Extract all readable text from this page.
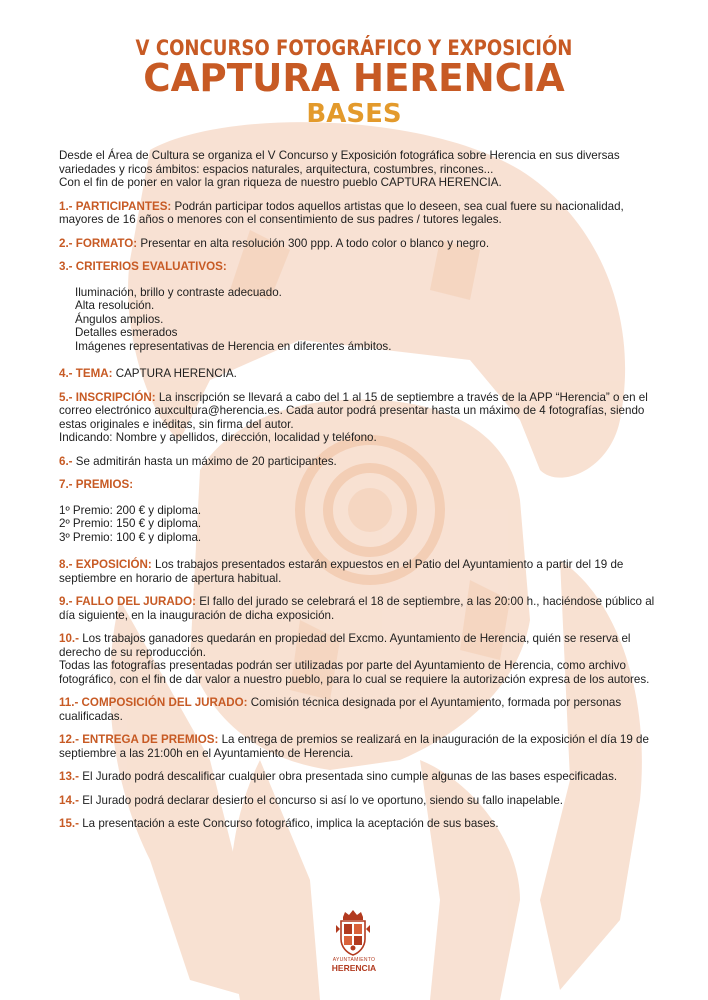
V CONCURSO FOTOGRÁFICO Y EXPOSICIÓN
CAPTURA HERENCIA
BASES

Desde el Área de Cultura se organiza el V Concurso y Exposición fotográfica sobre Herencia en sus diversas variedades y ricos ámbitos: espacios naturales, arquitectura, costumbres, rincones...
Con el fin de poner en valor la gran riqueza de nuestro pueblo CAPTURA HERENCIA.

1.- PARTICIPANTES: Podrán participar todos aquellos artistas que lo deseen, sea cual fuere su nacionalidad, mayores de 16 años o menores con el consentimiento de sus padres / tutores legales.

2.- FORMATO: Presentar en alta resolución 300 ppp. A todo color o blanco y negro.

3.- CRITERIOS EVALUATIVOS:

Iluminación, brillo y contraste adecuado.
Alta resolución.
Ángulos amplios.
Detalles esmerados
Imágenes representativas de Herencia en diferentes ámbitos.

4.- TEMA: CAPTURA HERENCIA.

5.- INSCRIPCIÓN: La inscripción se llevará a cabo del 1 al 15 de septiembre a través de la APP “Herencia” o en el correo electrónico auxcultura@herencia.es. Cada autor podrá presentar hasta un máximo de 4 fotografías, siendo estas originales e inéditas, sin firma del autor.
Indicando: Nombre y apellidos, dirección, localidad y teléfono.

6.- Se admitirán hasta un máximo de 20 participantes.

7.- PREMIOS:

1º Premio: 200 € y diploma.
2º Premio: 150 € y diploma.
3º Premio: 100 € y diploma.

8.- EXPOSICIÓN: Los trabajos presentados estarán expuestos en el Patio del Ayuntamiento a partir del 19 de septiembre en horario de apertura habitual.

9.- FALLO DEL JURADO: El fallo del jurado se celebrará el 18 de septiembre, a las 20:00 h., haciéndose público al día siguiente, en la inauguración de dicha exposición.

10.- Los trabajos ganadores quedarán en propiedad del Excmo. Ayuntamiento de Herencia, quién se reserva el derecho de su reproducción.
Todas las fotografías presentadas podrán ser utilizadas por parte del Ayuntamiento de Herencia, como archivo fotográfico, con el fin de dar valor a nuestro pueblo, para lo cual se requiere la autorización expresa de los autores.

11.- COMPOSICIÓN DEL JURADO: Comisión técnica designada por el Ayuntamiento, formada por personas cualificadas.

12.- ENTREGA DE PREMIOS: La entrega de premios se realizará en la inauguración de la exposición el día 19 de septiembre a las 21:00h en el Ayuntamiento de Herencia.

13.- El Jurado podrá descalificar cualquier obra presentada sino cumple algunas de las bases especificadas.

14.- El Jurado podrá declarar desierto el concurso si así lo ve oportuno, siendo su fallo inapelable.

15.- La presentación a este Concurso fotográfico, implica la aceptación de sus bases.

AYUNTAMIENTO
HERENCIA
